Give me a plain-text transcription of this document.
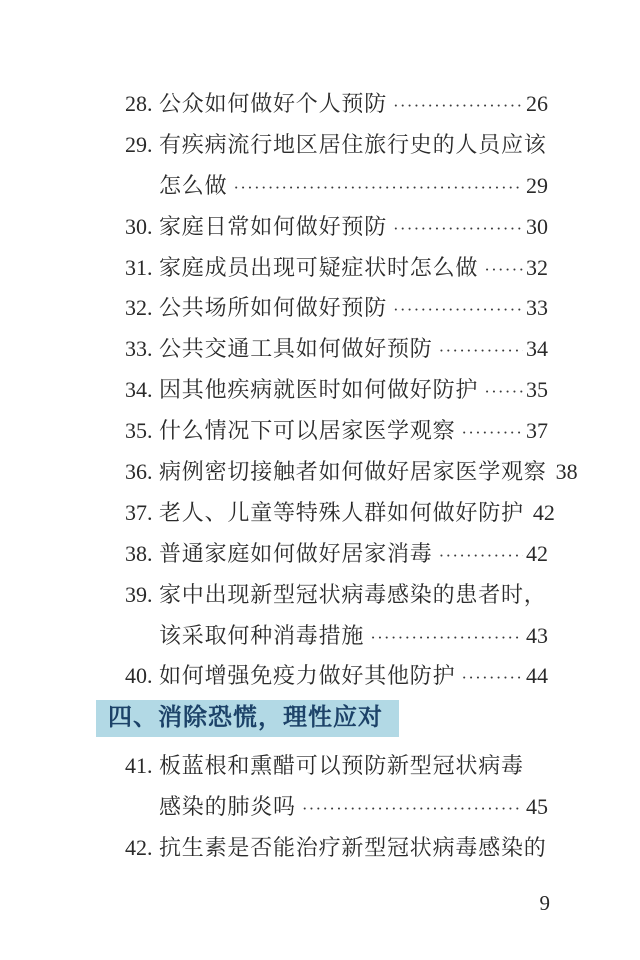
28. 公众如何做好个人预防 ·····	26
29. 有疾病流行地区居住旅行史的人员应该
怎么做 ·····	29
30. 家庭日常如何做好预防 ·····	30
31. 家庭成员出现可疑症状时怎么做 ····· 32
32. 公共场所如何做好预防 ·····	33
33. 公共交通工具如何做好预防 ·····	34
34. 因其他疾病就医时如何做好防护 ····· 35
35. 什么情况下可以居家医学观察 ·····	37
36. 病例密切接触者如何做好居家医学观察 38
37. 老人、儿童等特殊人群如何做好防护 42
38. 普通家庭如何做好居家消毒 ·····	42
39. 家中出现新型冠状病毒感染的患者时，
该采取何种消毒措施 ·····	43
40. 如何增强免疫力做好其他防护 ·····	44
四、消除恐慌，理性应对

41. 板蓝根和熏醋可以预防新型冠状病毒
感染的肺炎吗 ·····	45
42. 抗生素是否能治疗新型冠状病毒感染的
9
